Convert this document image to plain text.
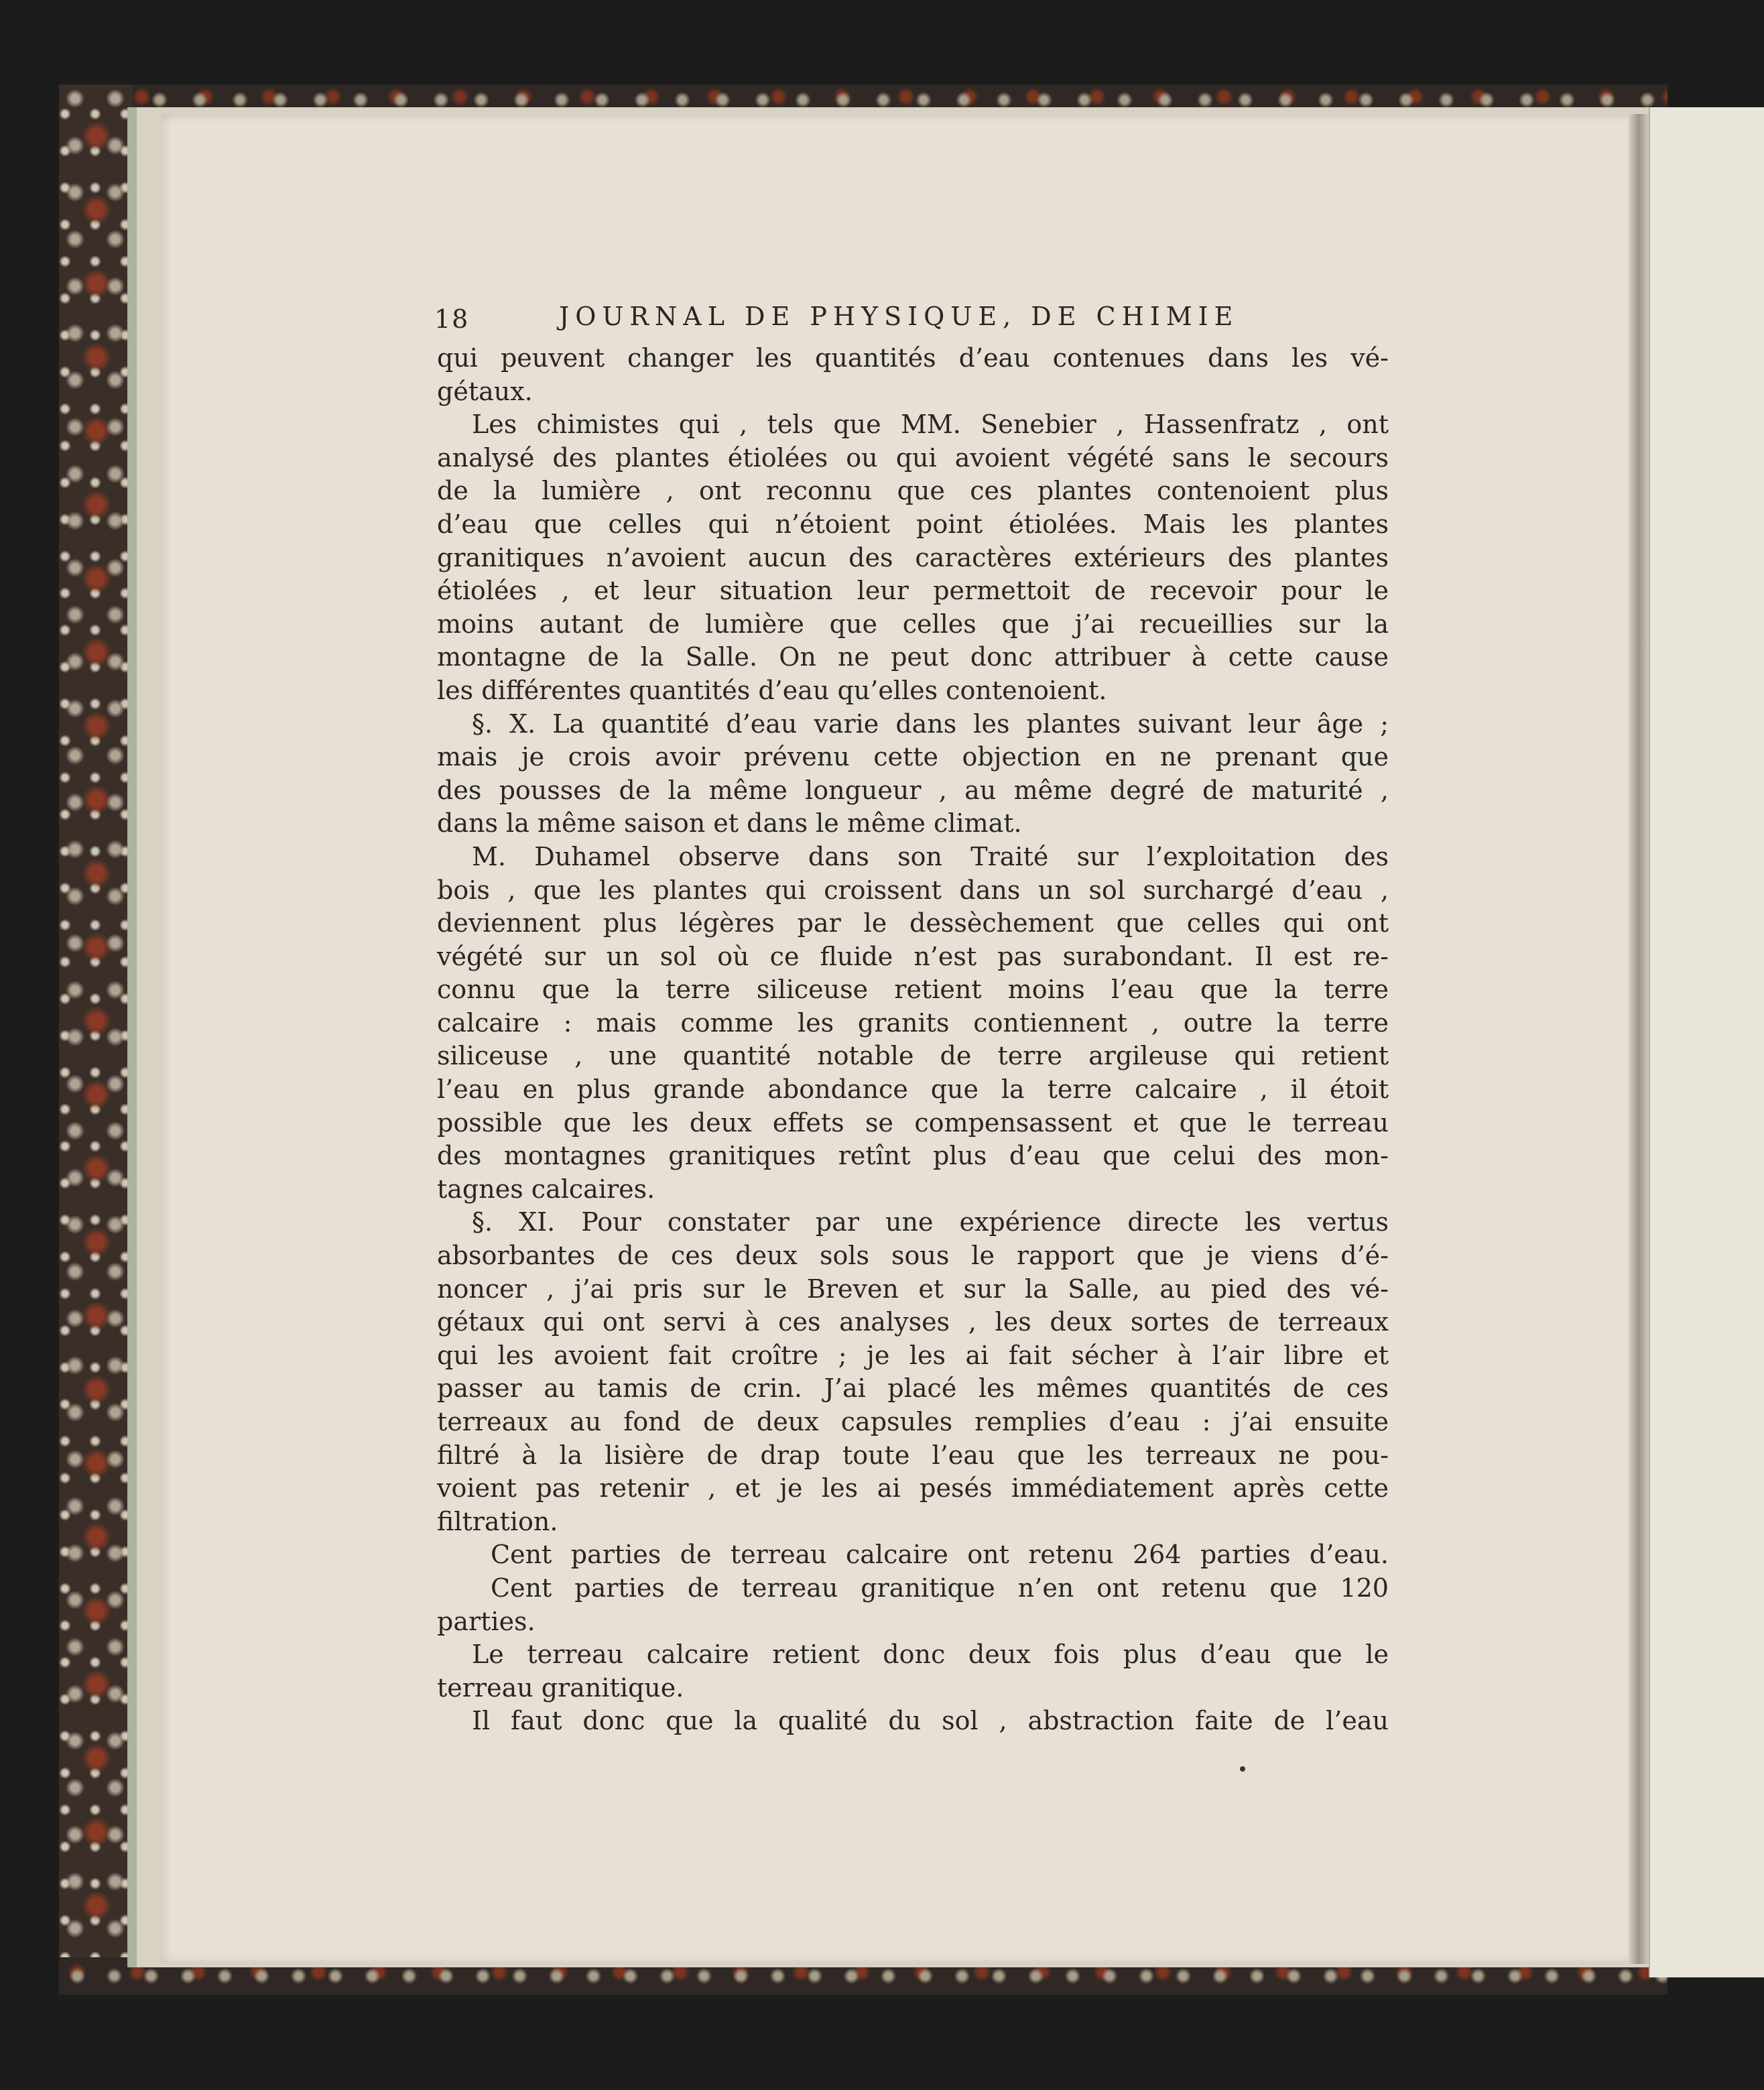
18	JOURNAL DE PHYSIQUE, DE CHIMIE
qui peuvent changer les quantités d’eau contenues dans les vé-
gétaux.
Les chimistes qui , tels que MM. Senebier , Hassenfratz , ont
analysé des plantes étiolées ou qui avoient végété sans le secours
de la lumière , ont reconnu que ces plantes contenoient plus
d’eau que celles qui n’étoient point étiolées. Mais les plantes
granitiques n’avoient aucun des caractères extérieurs des plantes
étiolées , et leur situation leur permettoit de recevoir pour le
moins autant de lumière que celles que j’ai recueillies sur la
montagne de la Salle. On ne peut donc attribuer à cette cause
les différentes quantités d’eau qu’elles contenoient.
§. X. La quantité d’eau varie dans les plantes suivant leur âge ;
mais je crois avoir prévenu cette objection en ne prenant que
des pousses de la même longueur , au même degré de maturité ,
dans la même saison et dans le même climat.
M. Duhamel observe dans son Traité sur l’exploitation des
bois , que les plantes qui croissent dans un sol surchargé d’eau ,
deviennent plus légères par le dessèchement que celles qui ont
végété sur un sol où ce fluide n’est pas surabondant. Il est re-
connu que la terre siliceuse retient moins l’eau que la terre
calcaire : mais comme les granits contiennent , outre la terre
siliceuse , une quantité notable de terre argileuse qui retient
l’eau en plus grande abondance que la terre calcaire , il étoit
possible que les deux effets se compensassent et que le terreau
des montagnes granitiques retînt plus d’eau que celui des mon-
tagnes calcaires.
§. XI. Pour constater par une expérience directe les vertus
absorbantes de ces deux sols sous le rapport que je viens d’é-
noncer , j’ai pris sur le Breven et sur la Salle, au pied des vé-
gétaux qui ont servi à ces analyses , les deux sortes de terreaux
qui les avoient fait croître ; je les ai fait sécher à l’air libre et
passer au tamis de crin. J’ai placé les mêmes quantités de ces
terreaux au fond de deux capsules remplies d’eau : j’ai ensuite
filtré à la lisière de drap toute l’eau que les terreaux ne pou-
voient pas retenir , et je les ai pesés immédiatement après cette
filtration.
Cent parties de terreau calcaire ont retenu 264 parties d’eau.
Cent parties de terreau granitique n’en ont retenu que 120
parties.
Le terreau calcaire retient donc deux fois plus d’eau que le
terreau granitique.
Il faut donc que la qualité du sol , abstraction faite de l’eau
